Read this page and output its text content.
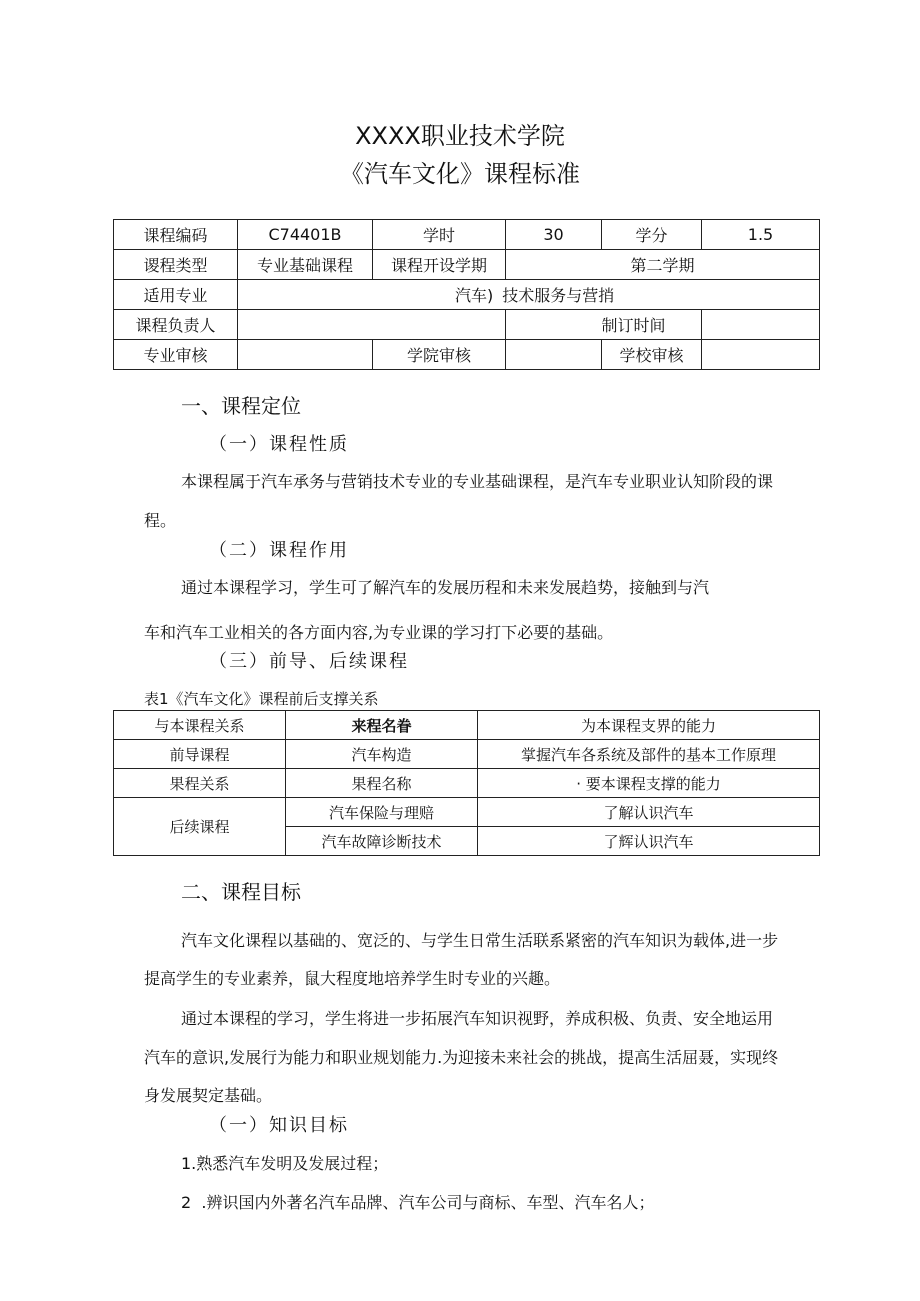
XXXX职业技术学院
《汽车文化》课程标准
课程编码	C74401B	学时	30	学分	1.5
谡程类型	专业基础课程	课程开设学期	第二学期		
适用专业	汽车) 技术服务与营捎				
课程负责人			制订时间		
专业审核		学院审核		学校审核	
一、课程定位
（一）课程性质
本课程属于汽车承务与营销技术专业的专业基础课程，是汽车专业职业认知阶段的课
程。
（二）课程作用
通过本课程学习，学生可了解汽车的发展历程和未来发展趋势，接触到与汽
车和汽车工业相关的各方面内容,为专业课的学习打下必要的基础。
（三）前导、后续课程
表1《汽车文化》课程前后支撑关系
与本课程关系	来程名眷	为本课程支界的能力
前导课程	汽车构造	掌握汽车各系统及部件的基本工作原理
果程关系	果程名称	· 要本课程支撑的能力
后续课程	汽车保险与理赔	了解认识汽车
	汽车故障诊断技术	了辉认识汽车
二、课程目标
汽车文化课程以基础的、宽泛的、与学生日常生活联系紧密的汽车知识为载体,进一步
提高学生的专业素养，鼠大程度地培养学生时专业的兴趣。
通过本课程的学习，学生将进一步拓展汽车知识视野，养成积极、负责、安全地运用
汽车的意识,发展行为能力和职业规划能力.为迎接未来社会的挑战，提高生活屈聂，实现终
身发展契定基础。
（一）知识目标
1.熟悉汽车发明及发展过程；
2  .辨识国内外著名汽车品牌、汽车公司与商标、车型、汽车名人；
